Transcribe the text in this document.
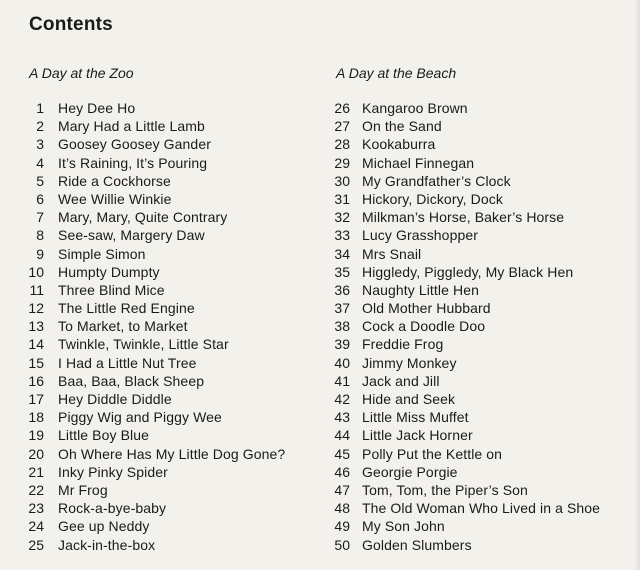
Contents
A Day at the Zoo	A Day at the Beach
1 Hey Dee Ho
2 Mary Had a Little Lamb
3 Goosey Goosey Gander
4 It’s Raining, It’s Pouring
5 Ride a Cockhorse
6 Wee Willie Winkie
7 Mary, Mary, Quite Contrary
8 See-saw, Margery Daw
9 Simple Simon
10 Humpty Dumpty
11 Three Blind Mice
12 The Little Red Engine
13 To Market, to Market
14 Twinkle, Twinkle, Little Star
15 I Had a Little Nut Tree
16 Baa, Baa, Black Sheep
17 Hey Diddle Diddle
18 Piggy Wig and Piggy Wee
19 Little Boy Blue
20 Oh Where Has My Little Dog Gone?
21 Inky Pinky Spider
22 Mr Frog
23 Rock-a-bye-baby
24 Gee up Neddy
25 Jack-in-the-box
26 Kangaroo Brown
27 On the Sand
28 Kookaburra
29 Michael Finnegan
30 My Grandfather’s Clock
31 Hickory, Dickory, Dock
32 Milkman’s Horse, Baker’s Horse
33 Lucy Grasshopper
34 Mrs Snail
35 Higgledy, Piggledy, My Black Hen
36 Naughty Little Hen
37 Old Mother Hubbard
38 Cock a Doodle Doo
39 Freddie Frog
40 Jimmy Monkey
41 Jack and Jill
42 Hide and Seek
43 Little Miss Muffet
44 Little Jack Horner
45 Polly Put the Kettle on
46 Georgie Porgie
47 Tom, Tom, the Piper’s Son
48 The Old Woman Who Lived in a Shoe
49 My Son John
50 Golden Slumbers
